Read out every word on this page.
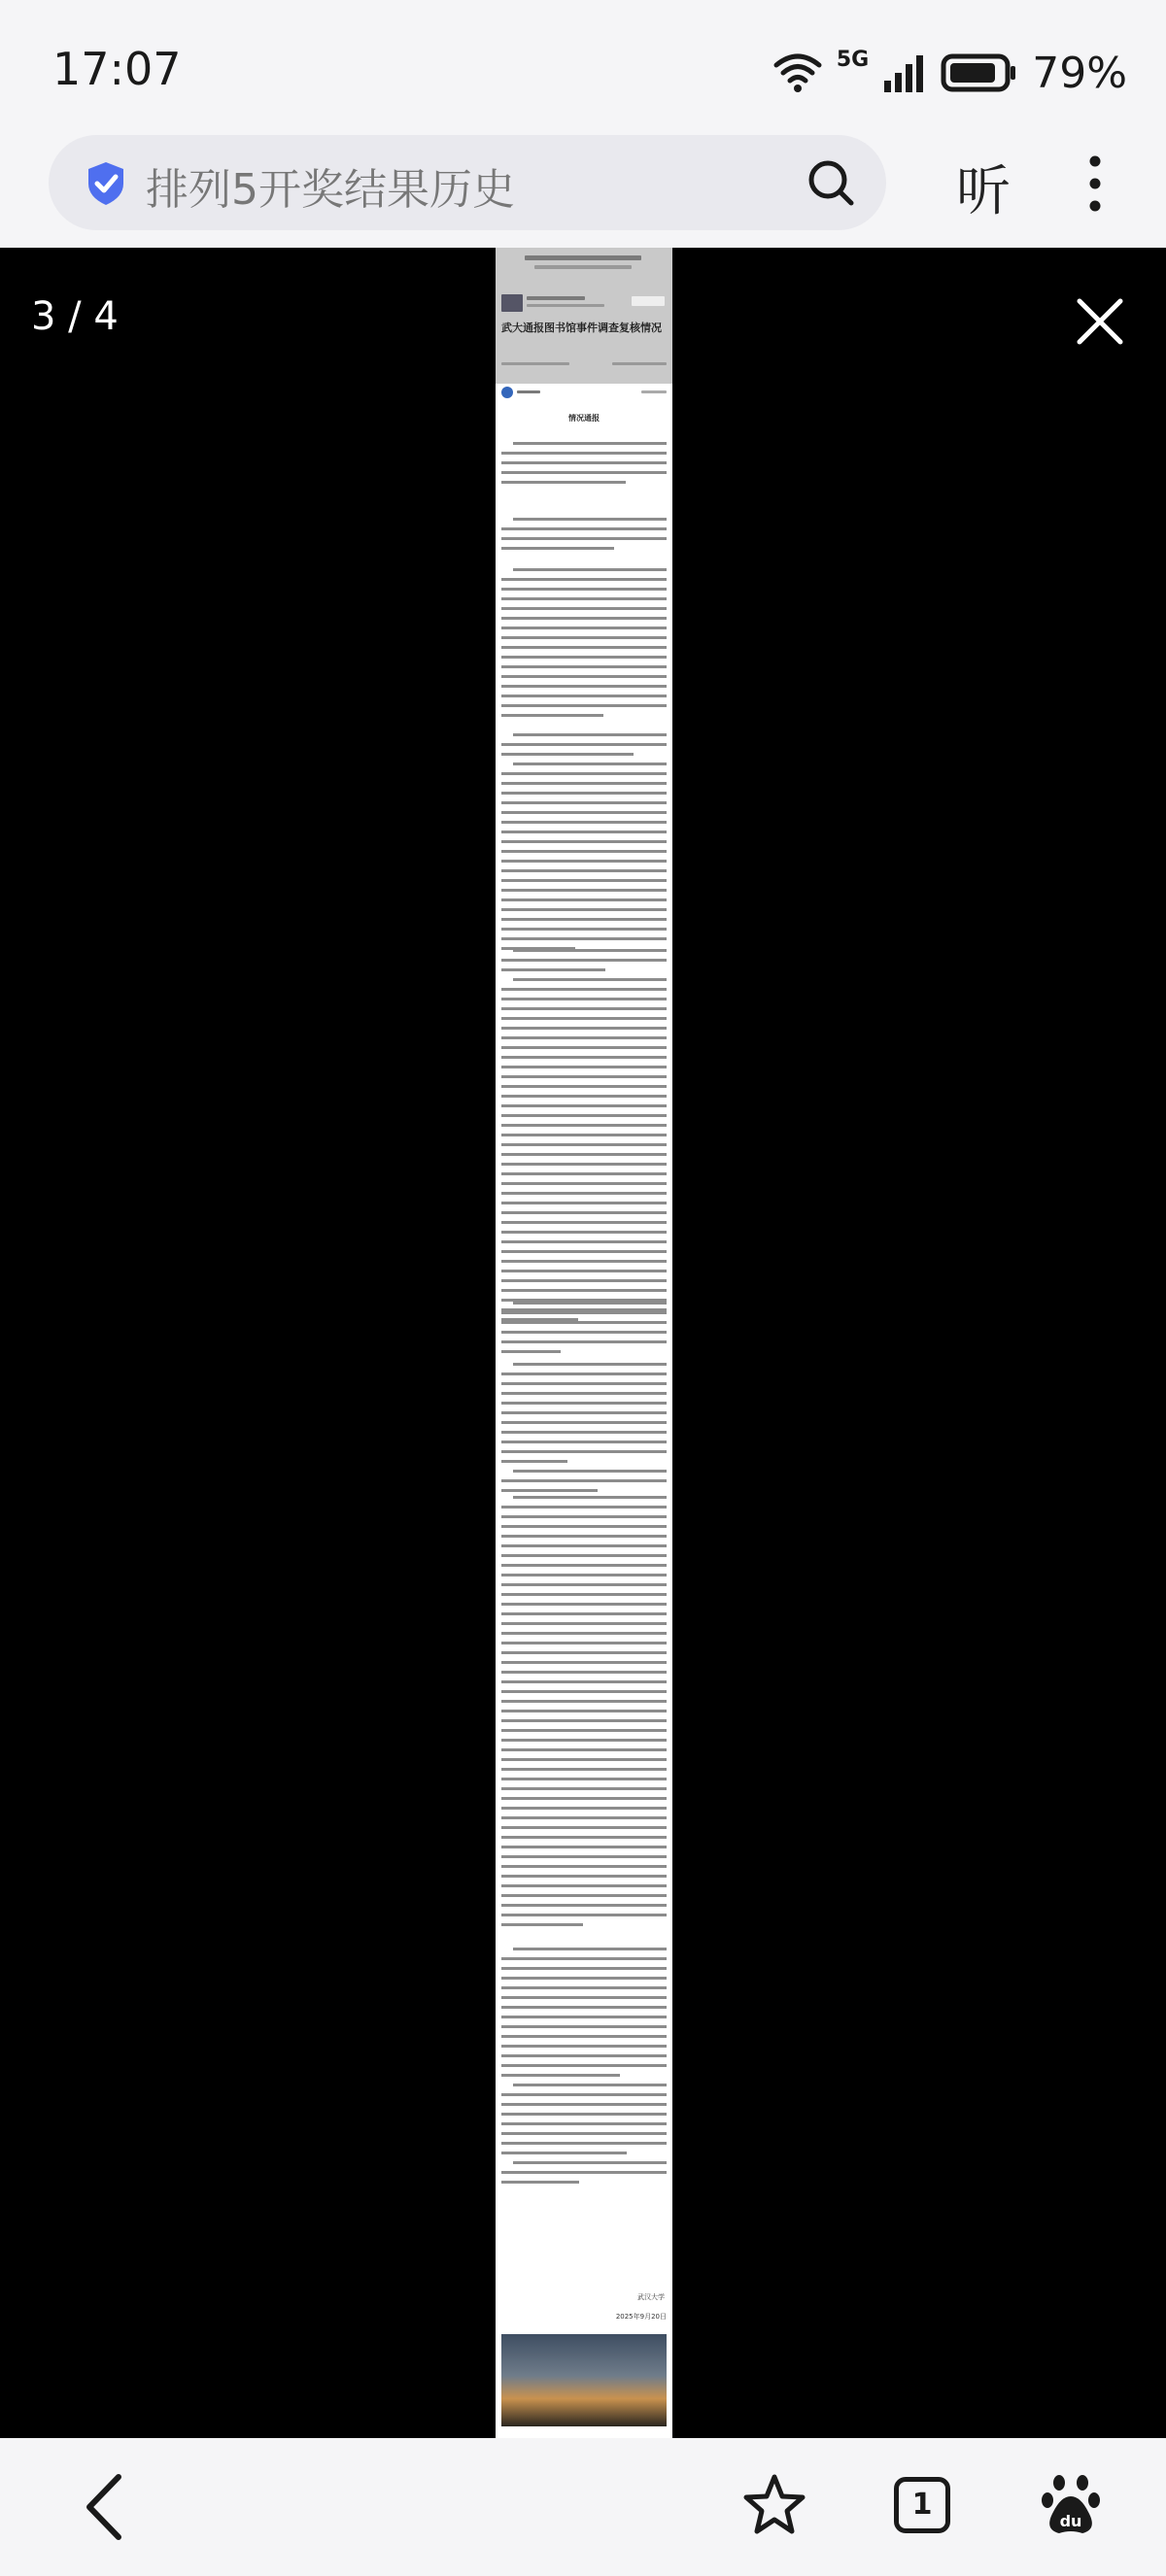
17:07	5G	79%
排列5开奖结果历史	听
3 / 4	武大通报图书馆事件调查复核情况
情况通报
武汉大学
2025年9月20日
1	du
